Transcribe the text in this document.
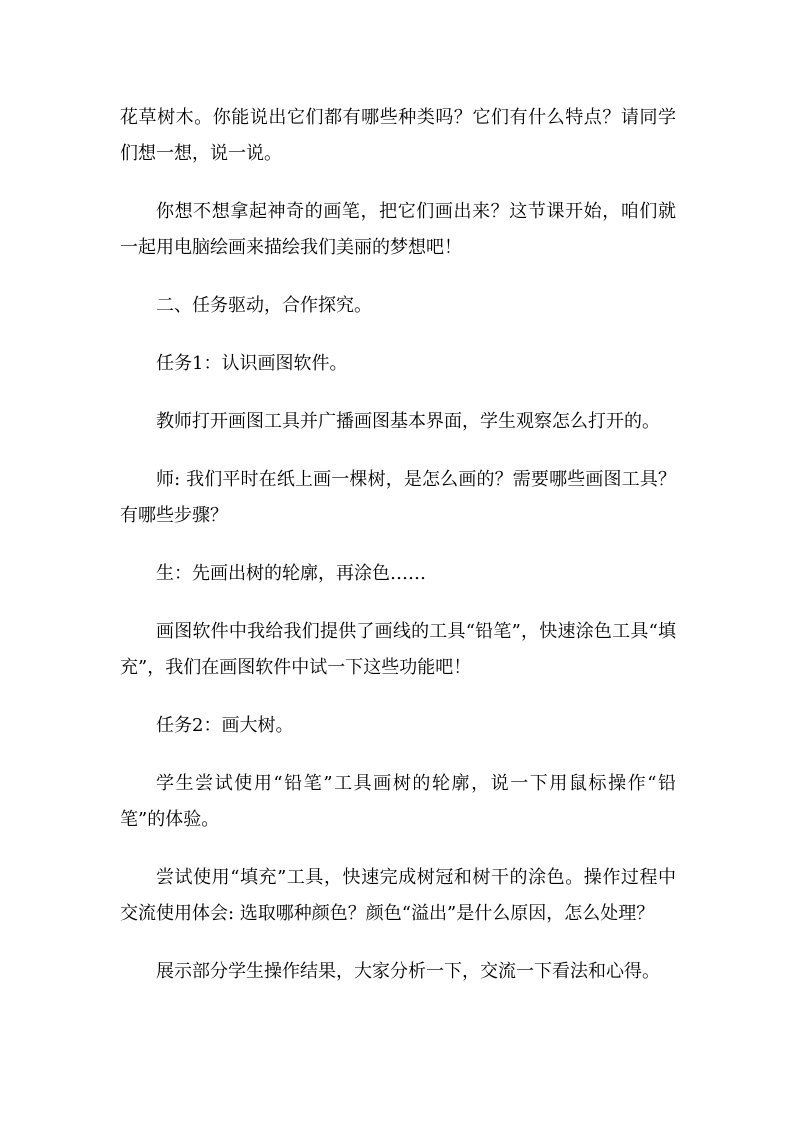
花草树木。你能说出它们都有哪些种类吗？它们有什么特点？请同学们想一想，说一说。

你想不想拿起神奇的画笔，把它们画出来？这节课开始，咱们就一起用电脑绘画来描绘我们美丽的梦想吧！

二、任务驱动，合作探究。

任务1：认识画图软件。

教师打开画图工具并广播画图基本界面，学生观察怎么打开的。

师: 我们平时在纸上画一棵树，是怎么画的？需要哪些画图工具？有哪些步骤？

生：先画出树的轮廓，再涂色……

画图软件中我给我们提供了画线的工具“铅笔”，快速涂色工具“填充”，我们在画图软件中试一下这些功能吧！

任务2：画大树。

学生尝试使用“铅笔”工具画树的轮廓，说一下用鼠标操作“铅笔”的体验。

尝试使用“填充”工具，快速完成树冠和树干的涂色。操作过程中交流使用体会: 选取哪种颜色？颜色“溢出”是什么原因，怎么处理？

展示部分学生操作结果，大家分析一下，交流一下看法和心得。
